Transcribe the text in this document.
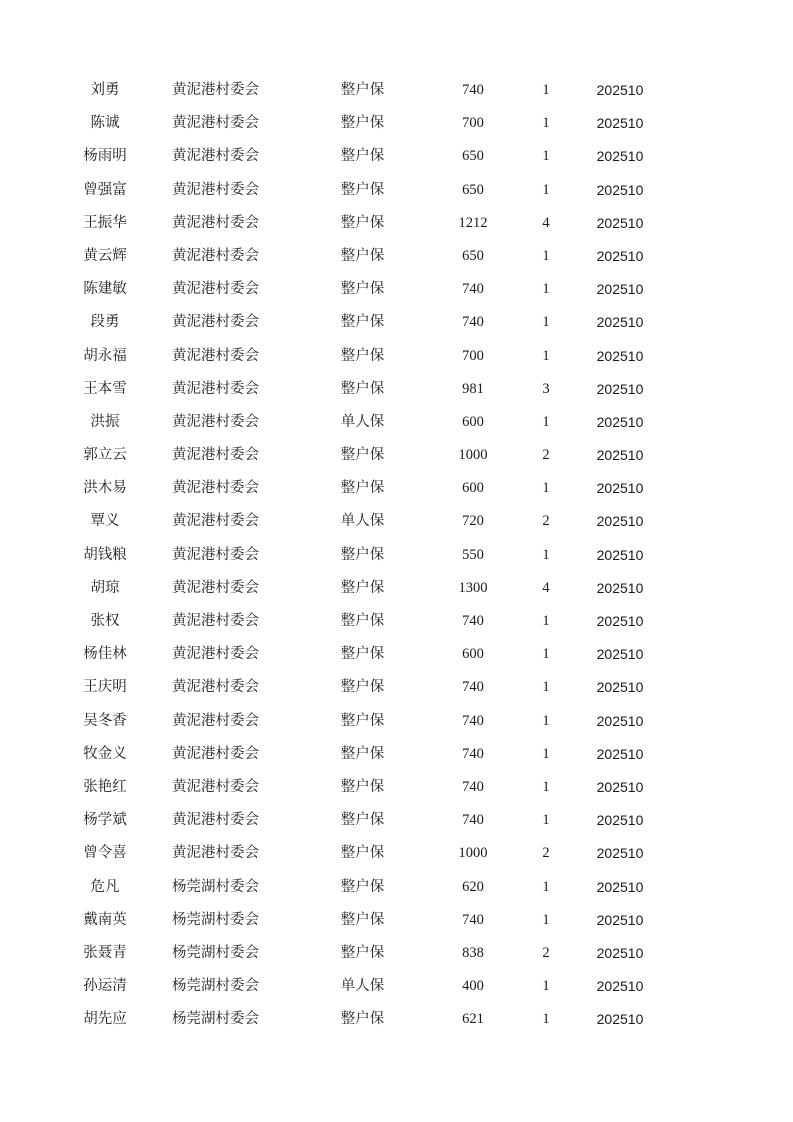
刘勇	黄泥港村委会	整户保	740	1	202510
陈诚	黄泥港村委会	整户保	700	1	202510
杨雨明	黄泥港村委会	整户保	650	1	202510
曾强富	黄泥港村委会	整户保	650	1	202510
王振华	黄泥港村委会	整户保	1212	4	202510
黄云辉	黄泥港村委会	整户保	650	1	202510
陈建敏	黄泥港村委会	整户保	740	1	202510
段勇	黄泥港村委会	整户保	740	1	202510
胡永福	黄泥港村委会	整户保	700	1	202510
王本雪	黄泥港村委会	整户保	981	3	202510
洪振	黄泥港村委会	单人保	600	1	202510
郭立云	黄泥港村委会	整户保	1000	2	202510
洪木易	黄泥港村委会	整户保	600	1	202510
覃义	黄泥港村委会	单人保	720	2	202510
胡钱粮	黄泥港村委会	整户保	550	1	202510
胡琼	黄泥港村委会	整户保	1300	4	202510
张权	黄泥港村委会	整户保	740	1	202510
杨佳林	黄泥港村委会	整户保	600	1	202510
王庆明	黄泥港村委会	整户保	740	1	202510
吴冬香	黄泥港村委会	整户保	740	1	202510
牧金义	黄泥港村委会	整户保	740	1	202510
张艳红	黄泥港村委会	整户保	740	1	202510
杨学斌	黄泥港村委会	整户保	740	1	202510
曾令喜	黄泥港村委会	整户保	1000	2	202510
危凡	杨莞湖村委会	整户保	620	1	202510
戴南英	杨莞湖村委会	整户保	740	1	202510
张聂青	杨莞湖村委会	整户保	838	2	202510
孙运清	杨莞湖村委会	单人保	400	1	202510
胡先应	杨莞湖村委会	整户保	621	1	202510
